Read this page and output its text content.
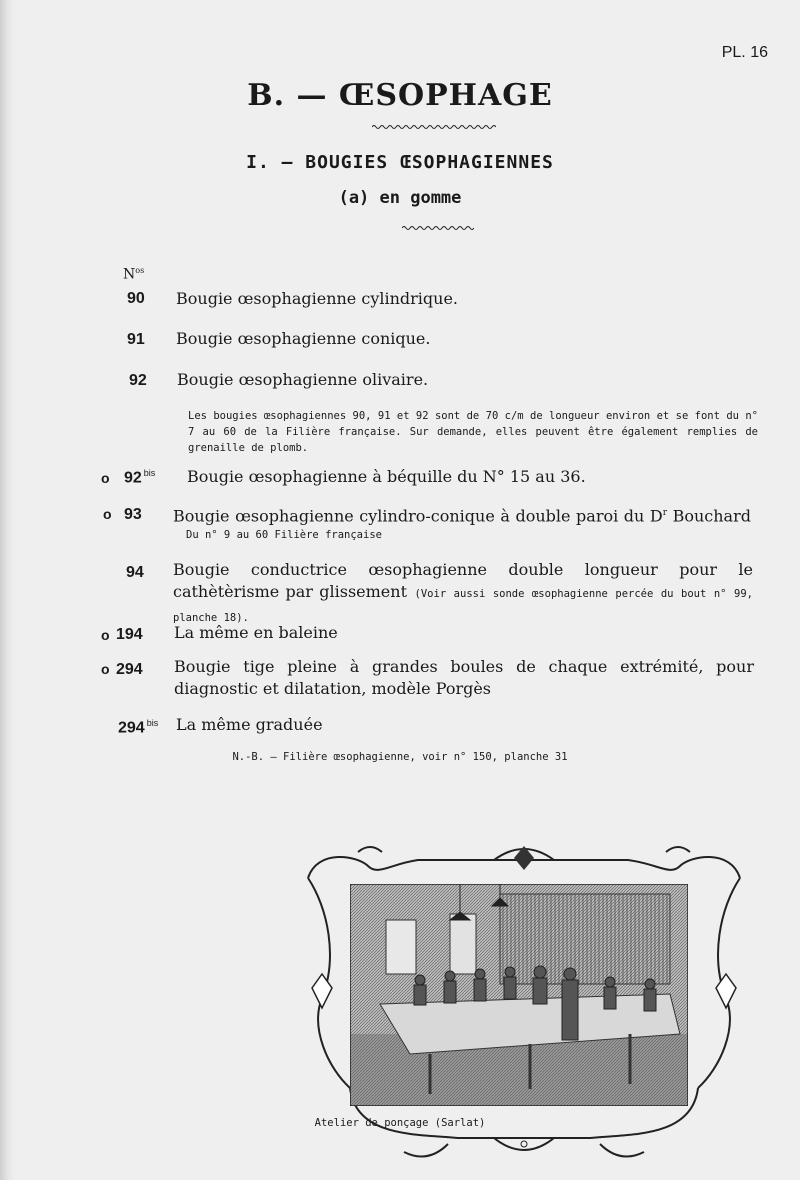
PL. 16
B. — ŒSOPHAGE
I. — BOUGIES ŒSOPHAGIENNES
(a) en gomme
$N^{os}$
90 Bougie œsophagienne cylindrique.
91 Bougie œsophagienne conique.
92 Bougie œsophagienne olivaire.
Les bougies œsophagiennes 90, 91 et 92 sont de 70 c/m de longueur environ et se font du n° 7 au 60 de la Filière française. Sur demande, elles peuvent être également remplies de grenaille de plomb.
o 92 $^{bis}$ Bougie œsophagienne à béquille du N° 15 au 36.
o 93 Bougie œsophagienne cylindro-conique à double paroi du $D^r$ Bouchard
Du n° 9 au 60 Filière française
94 Bougie conductrice œsophagienne double longueur pour le cathètèrisme par glissement (Voir aussi sonde œsophagienne percée du bout n° 99, planche 18).
o 194 La même en baleine
o 294 Bougie tige pleine à grandes boules de chaque extrémité, pour diagnostic et dilatation, modèle Porgès
294 $^{bis}$ La même graduée
N.-B. – Filière œsophagienne, voir n° 150, planche 31
Atelier de ponçage (Sarlat)
